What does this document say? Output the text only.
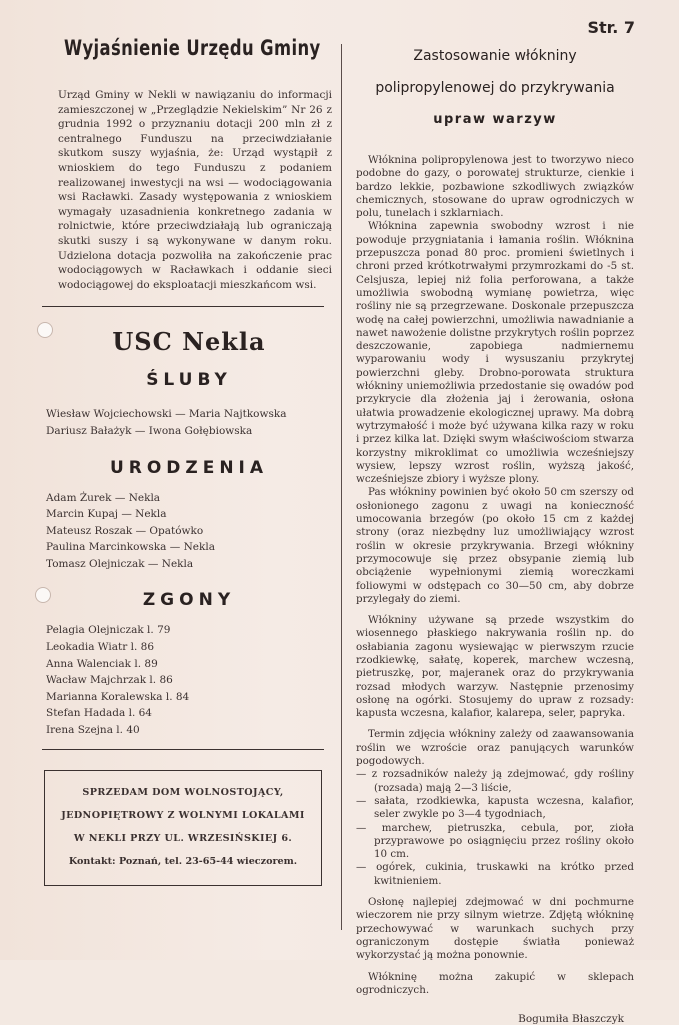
Str. 7
Wyjaśnienie Urzędu Gminy
Urząd Gminy w Nekli w nawiązaniu do informacji zamieszczonej w „Przeglądzie Nekielskim” Nr 26 z grudnia 1992 o przyznaniu dotacji 200 mln zł z centralnego Funduszu na przeciwdziałanie skutkom suszy wyjaśnia, że: Urząd wystąpił z wnioskiem do tego Funduszu z podaniem realizowanej inwestycji na wsi — wodociągowania wsi Racławki. Zasady występowania z wnioskiem wymagały uzasadnienia konkretnego zadania w rolnictwie, które przeciwdziałają lub ograniczają skutki suszy i są wykonywane w danym roku. Udzielona dotacja pozwoliła na zakończenie prac wodociągowych w Racławkach i oddanie sieci wodociągowej do eksploatacji mieszkańcom wsi.
USC Nekla
ŚLUBY
Wiesław Wojciechowski — Maria Najtkowska
Dariusz Bałażyk — Iwona Gołębiowska
URODZENIA
Adam Żurek — Nekla
Marcin Kupaj — Nekla
Mateusz Roszak — Opatówko
Paulina Marcinkowska — Nekla
Tomasz Olejniczak — Nekla
ZGONY
Pelagia Olejniczak l. 79
Leokadia Wiatr l. 86
Anna Walenciak l. 89
Wacław Majchrzak l. 86
Marianna Koralewska l. 84
Stefan Hadada l. 64
Irena Szejna l. 40
SPRZEDAM DOM WOLNOSTOJĄCY,
JEDNOPIĘTROWY Z WOLNYMI LOKALAMI
W NEKLI PRZY UL. WRZESIŃSKIEJ 6.
Kontakt: Poznań, tel. 23-65-44 wieczorem.
Zastosowanie włókniny
polipropylenowej do przykrywania
upraw warzyw

Włóknina polipropylenowa jest to tworzywo nieco podobne do gazy, o porowatej strukturze, cienkie i bardzo lekkie, pozbawione szkodliwych związków chemicznych, stosowane do upraw ogrodniczych w polu, tunelach i szklarniach.

Włóknina zapewnia swobodny wzrost i nie powoduje przygniatania i łamania roślin. Włóknina przepuszcza ponad 80 proc. promieni świetlnych i chroni przed krótkotrwałymi przymrozkami do -5 st. Celsjusza, lepiej niż folia perforowana, a także umożliwia swobodną wymianę powietrza, więc rośliny nie są przegrzewane. Doskonale przepuszcza wodę na całej powierzchni, umożliwia nawadnianie a nawet nawożenie dolistne przykrytych roślin poprzez deszczowanie, zapobiega nadmiernemu wyparowaniu wody i wysuszaniu przykrytej powierzchni gleby. Drobno-porowata struktura włókniny uniemożliwia przedostanie się owadów pod przykrycie dla złożenia jaj i żerowania, osłona ułatwia prowadzenie ekologicznej uprawy. Ma dobrą wytrzymałość i może być używana kilka razy w roku i przez kilka lat. Dzięki swym właściwościom stwarza korzystny mikroklimat co umożliwia wcześniejszy wysiew, lepszy wzrost roślin, wyższą jakość, wcześniejsze zbiory i wyższe plony.

Pas włókniny powinien być około 50 cm szerszy od osłonionego zagonu z uwagi na konieczność umocowania brzegów (po około 15 cm z każdej strony (oraz niezbędny luz umożliwiający wzrost roślin w okresie przykrywania. Brzegi włókniny przymocowuje się przez obsypanie ziemią lub obciążenie wypełnionymi ziemią woreczkami foliowymi w odstępach co 30—50 cm, aby dobrze przylegały do ziemi.

Włókniny używane są przede wszystkim do wiosennego płaskiego nakrywania roślin np. do osłabiania zagonu wysiewając w pierwszym rzucie rzodkiewkę, sałatę, koperek, marchew wczesną, pietruszkę, por, majeranek oraz do przykrywania rozsad młodych warzyw. Następnie przenosimy osłonę na ogórki. Stosujemy do upraw z rozsady: kapusta wczesna, kalafior, kalarepa, seler, papryka.

Termin zdjęcia włókniny zależy od zaawansowania roślin we wzroście oraz panujących warunków pogodowych.

— z rozsadników należy ją zdejmować, gdy rośliny (rozsada) mają 2—3 liście,
— sałata, rzodkiewka, kapusta wczesna, kalafior, seler zwykle po 3—4 tygodniach,
— marchew, pietruszka, cebula, por, zioła przyprawowe po osiągnięciu przez rośliny około 10 cm.
— ogórek, cukinia, truskawki na krótko przed kwitnieniem.

Osłonę najlepiej zdejmować w dni pochmurne wieczorem nie przy silnym wietrze. Zdjętą włókninę przechowywać w warunkach suchych przy ograniczonym dostępie światła ponieważ wykorzystać ją można ponownie.

Włókninę można zakupić w sklepach ogrodniczych.

Bogumiła Błaszczyk
